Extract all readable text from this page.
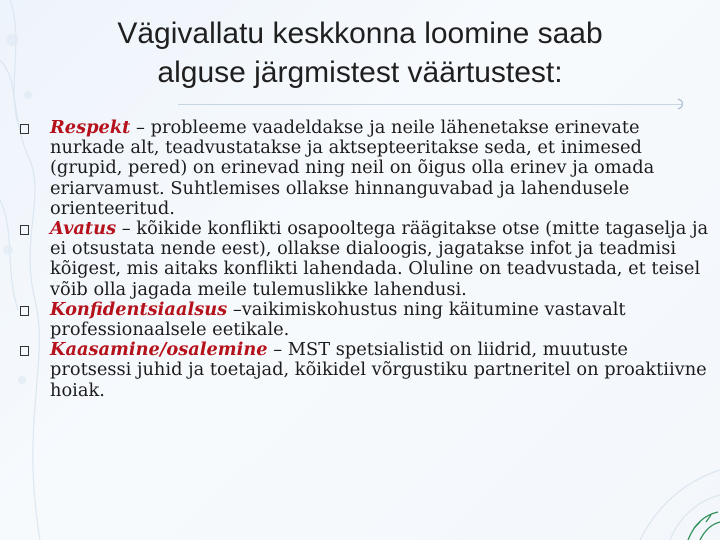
Vägivallatu keskkonna loomine saab
alguse järgmistest väärtustest:
Respekt – probleeme vaadeldakse ja neile lähenetakse erinevate nurkade alt, teadvustatakse ja aktsepteeritakse seda, et inimesed (grupid, pered) on erinevad ning neil on õigus olla erinev ja omada eriarvamust. Suhtlemises ollakse hinnanguvabad ja lahendusele orienteeritud.
Avatus – kõikide konflikti osapooltega räägitakse otse (mitte tagaselja ja ei otsustata nende eest), ollakse dialoogis, jagatakse infot ja teadmisi kõigest, mis aitaks konflikti lahendada. Oluline on teadvustada, et teisel võib olla jagada meile tulemuslikke lahendusi.
Konfidentsiaalsus –vaikimiskohustus ning käitumine vastavalt professionaalsele eetikale.
Kaasamine/osalemine – MST spetsialistid on liidrid, muutuste protsessi juhid ja toetajad, kõikidel võrgustiku partneritel on proaktiivne hoiak.
